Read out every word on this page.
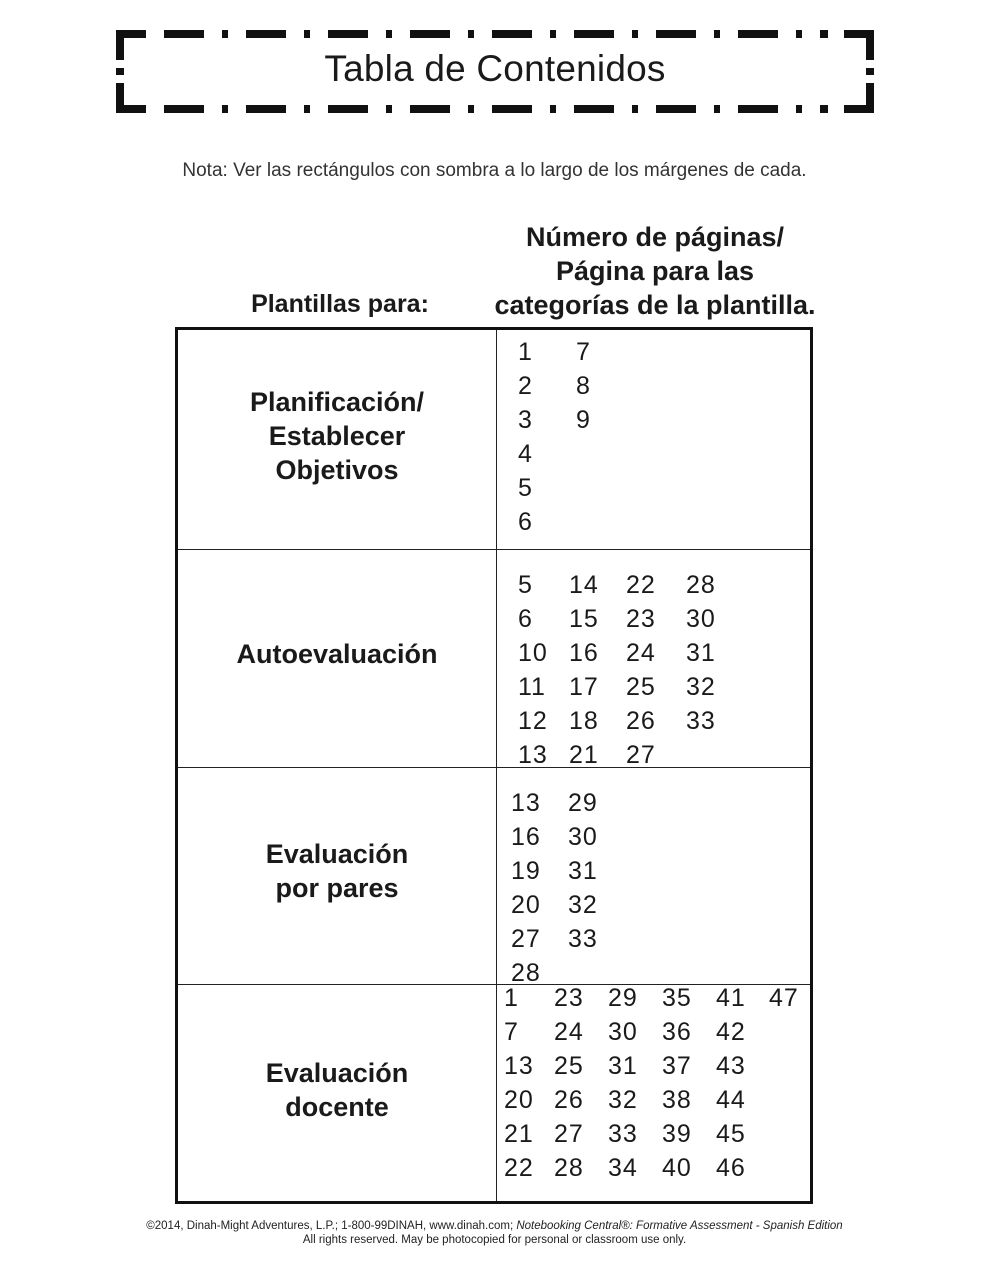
Tabla de Contenidos
Nota: Ver las rectángulos con sombra a lo largo de los márgenes de cada.
Número de páginas/
Página para las
categorías de la plantilla.
Plantillas para:
Planificación/
Establecer
Objetivos
1
2
3
4
5
6
7
8
9
Autoevaluación
5
6
10
11
12
13
14
15
16
17
18
21
22
23
24
25
26
27
28
30
31
32
33
Evaluación
por pares
13
16
19
20
27
28
29
30
31
32
33
Evaluación
docente
1
7
13
20
21
22
23
24
25
26
27
28
29
30
31
32
33
34
35
36
37
38
39
40
41
42
43
44
45
46
47
©2014, Dinah-Might Adventures, L.P.; 1-800-99DINAH, www.dinah.com; Notebooking Central®: Formative Assessment - Spanish Edition
All rights reserved. May be photocopied for personal or classroom use only.
